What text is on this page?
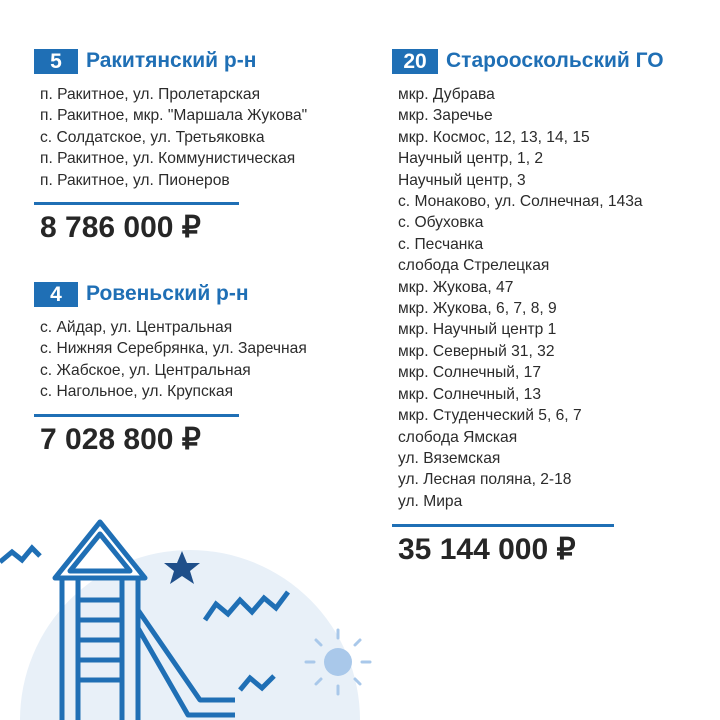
5	Ракитянский р-н
п. Ракитное, ул. Пролетарская
п. Ракитное, мкр. "Маршала Жукова"
с. Солдатское, ул. Третьяковка
п. Ракитное, ул. Коммунистическая
п. Ракитное, ул. Пионеров
8 786 000 ₽
4	Ровеньский р-н
с. Айдар, ул. Центральная
с. Нижняя Серебрянка, ул. Заречная
с. Жабское, ул. Центральная
с. Нагольное, ул. Крупская
7 028 800 ₽
20 Старооскольский ГО
мкр. Дубрава
мкр. Заречье
мкр. Космос, 12, 13, 14, 15
Научный центр, 1, 2
Научный центр, 3
с. Монаково, ул. Солнечная, 143а
с. Обуховка
с. Песчанка
слобода Стрелецкая
мкр. Жукова, 47
мкр. Жукова, 6, 7, 8, 9
мкр. Научный центр 1
мкр. Северный 31, 32
мкр. Солнечный, 17
мкр. Солнечный, 13
мкр. Студенческий 5, 6, 7
слобода Ямская
ул. Вяземская
ул. Лесная поляна, 2-18
ул. Мира
35 144 000 ₽
